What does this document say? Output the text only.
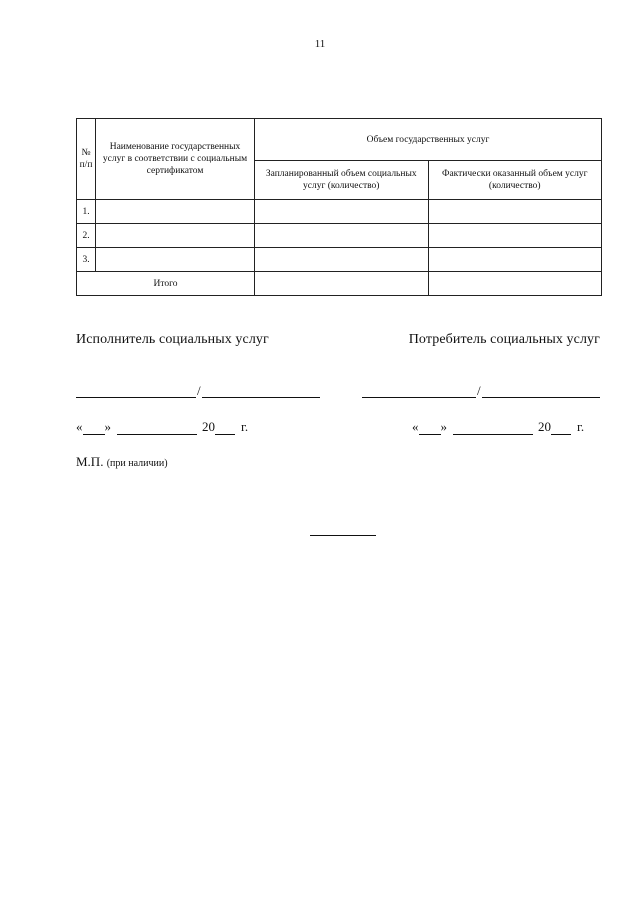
11
№ п/п	Наименование государственных услуг в соответствии с социальным сертификатом	Объем государственных услуг	
		Запланированный объем социальных услуг (количество)	Фактически оказанный объем услуг (количество)
1.			
2.			
3.			
Итого			
Исполнитель социальных услуг	Потребитель социальных услуг
/	/
« »	20 г.	« »	20 г.
М.П. (при наличии)
